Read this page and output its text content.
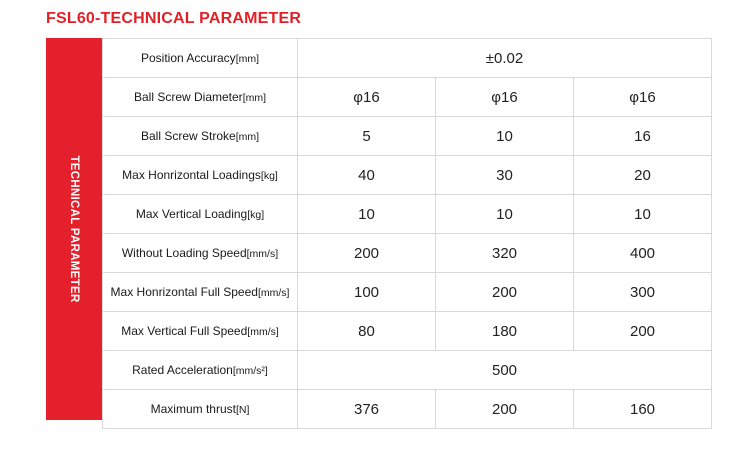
FSL60-TECHNICAL PARAMETER
TECHNICAL PARAMETER
Position Accuracy[mm]	±0.02		
Ball Screw Diameter[mm]	φ16	φ16	φ16
Ball Screw Stroke[mm]	5	10	16
Max Honrizontal Loadings[kg]	40	30	20
Max Vertical Loading[kg]	10	10	10
Without Loading Speed[mm/s]	200	320	400
Max Honrizontal Full Speed[mm/s]	100	200	300
Max Vertical Full Speed[mm/s]	80	180	200
Rated Acceleration[mm/s²]	500		
Maximum thrust[N]	376	200	160
